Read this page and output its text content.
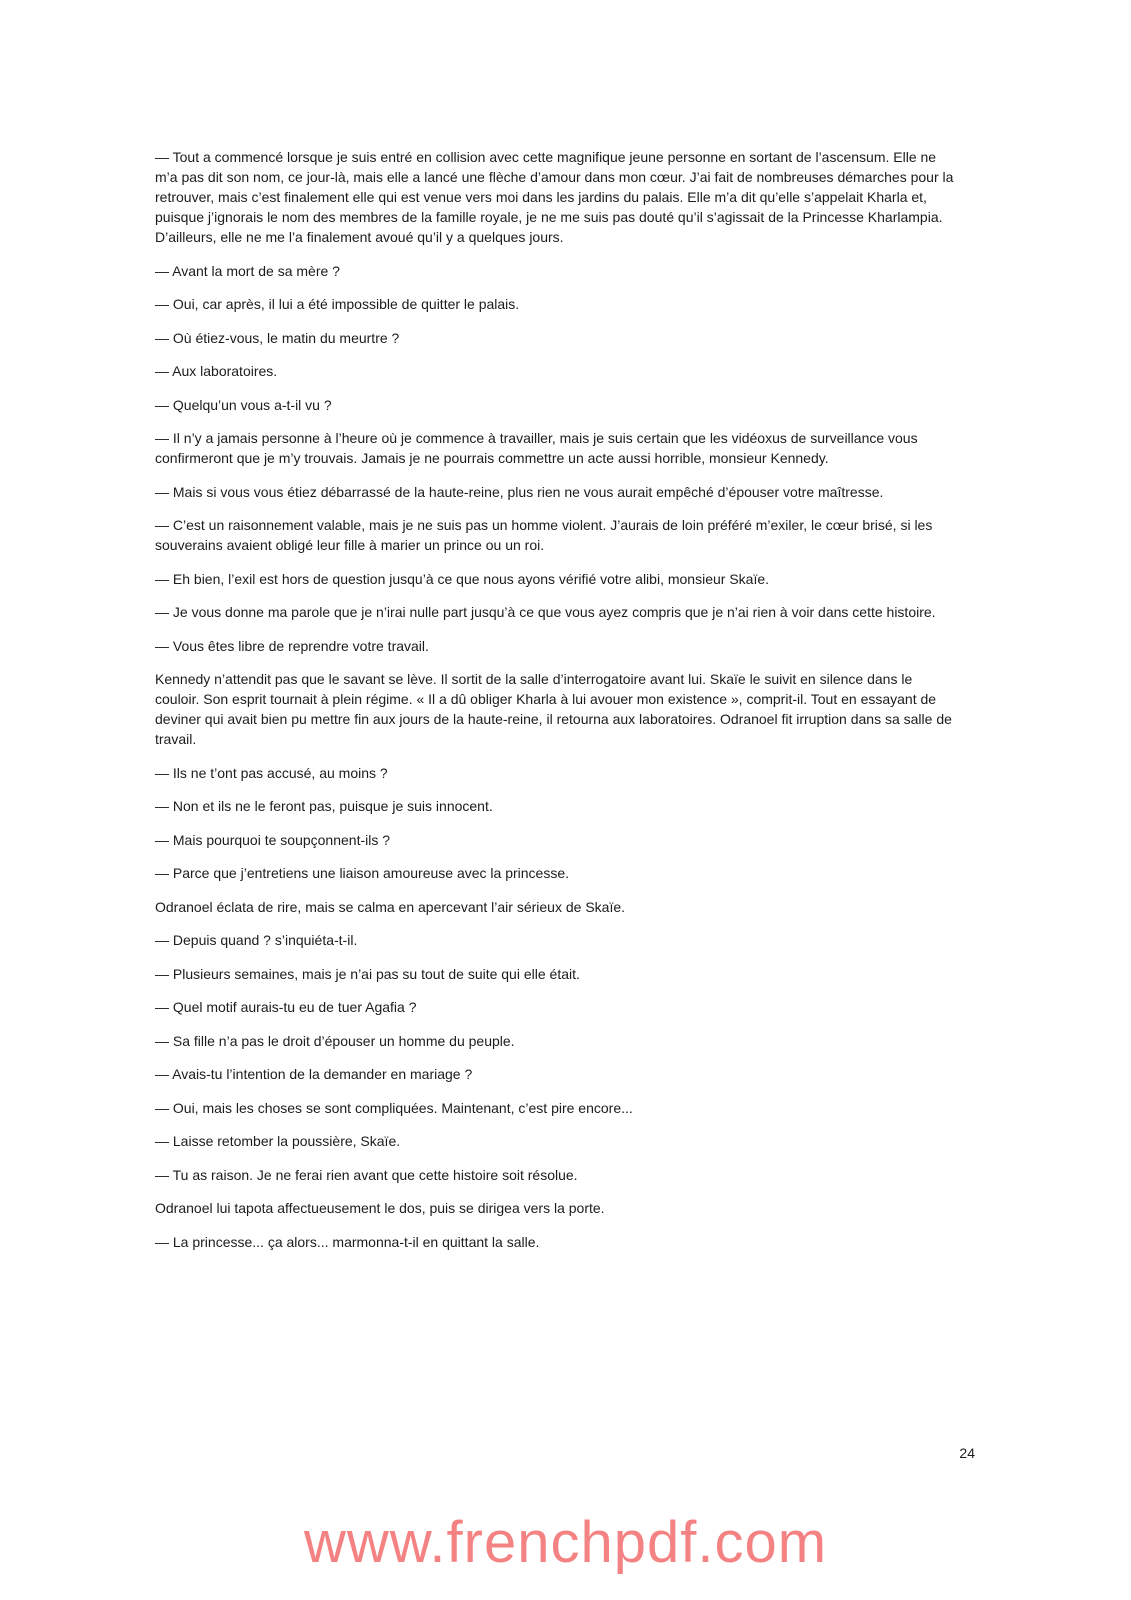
— Tout a commencé lorsque je suis entré en collision avec cette magnifique jeune personne en sortant de l’ascensum. Elle ne m’a pas dit son nom, ce jour-là, mais elle a lancé une flèche d’amour dans mon cœur. J’ai fait de nombreuses démarches pour la retrouver, mais c’est finalement elle qui est venue vers moi dans les jardins du palais. Elle m’a dit qu’elle s’appelait Kharla et, puisque j’ignorais le nom des membres de la famille royale, je ne me suis pas douté qu’il s’agissait de la Princesse Kharlampia. D’ailleurs, elle ne me l’a finalement avoué qu’il y a quelques jours.

— Avant la mort de sa mère ?

— Oui, car après, il lui a été impossible de quitter le palais.

— Où étiez-vous, le matin du meurtre ?

— Aux laboratoires.

— Quelqu’un vous a-t-il vu ?

— Il n’y a jamais personne à l’heure où je commence à travailler, mais je suis certain que les vidéoxus de surveillance vous confirmeront que je m’y trouvais. Jamais je ne pourrais commettre un acte aussi horrible, monsieur Kennedy.

— Mais si vous vous étiez débarrassé de la haute-reine, plus rien ne vous aurait empêché d’épouser votre maîtresse.

— C’est un raisonnement valable, mais je ne suis pas un homme violent. J’aurais de loin préféré m’exiler, le cœur brisé, si les souverains avaient obligé leur fille à marier un prince ou un roi.

— Eh bien, l’exil est hors de question jusqu’à ce que nous ayons vérifié votre alibi, monsieur Skaïe.

— Je vous donne ma parole que je n’irai nulle part jusqu’à ce que vous ayez compris que je n’ai rien à voir dans cette histoire.

— Vous êtes libre de reprendre votre travail.

Kennedy n’attendit pas que le savant se lève. Il sortit de la salle d’interrogatoire avant lui. Skaïe le suivit en silence dans le couloir. Son esprit tournait à plein régime. « Il a dû obliger Kharla à lui avouer mon existence », comprit-il. Tout en essayant de deviner qui avait bien pu mettre fin aux jours de la haute-reine, il retourna aux laboratoires. Odranoel fit irruption dans sa salle de travail.

— Ils ne t’ont pas accusé, au moins ?

— Non et ils ne le feront pas, puisque je suis innocent.

— Mais pourquoi te soupçonnent-ils ?

— Parce que j’entretiens une liaison amoureuse avec la princesse.

Odranoel éclata de rire, mais se calma en apercevant l’air sérieux de Skaïe.

— Depuis quand ? s’inquiéta-t-il.

— Plusieurs semaines, mais je n’ai pas su tout de suite qui elle était.

— Quel motif aurais-tu eu de tuer Agafia ?

— Sa fille n’a pas le droit d’épouser un homme du peuple.

— Avais-tu l’intention de la demander en mariage ?

— Oui, mais les choses se sont compliquées. Maintenant, c’est pire encore...

— Laisse retomber la poussière, Skaïe.

— Tu as raison. Je ne ferai rien avant que cette histoire soit résolue.

Odranoel lui tapota affectueusement le dos, puis se dirigea vers la porte.

— La princesse... ça alors... marmonna-t-il en quittant la salle.

24
www.frenchpdf.com
